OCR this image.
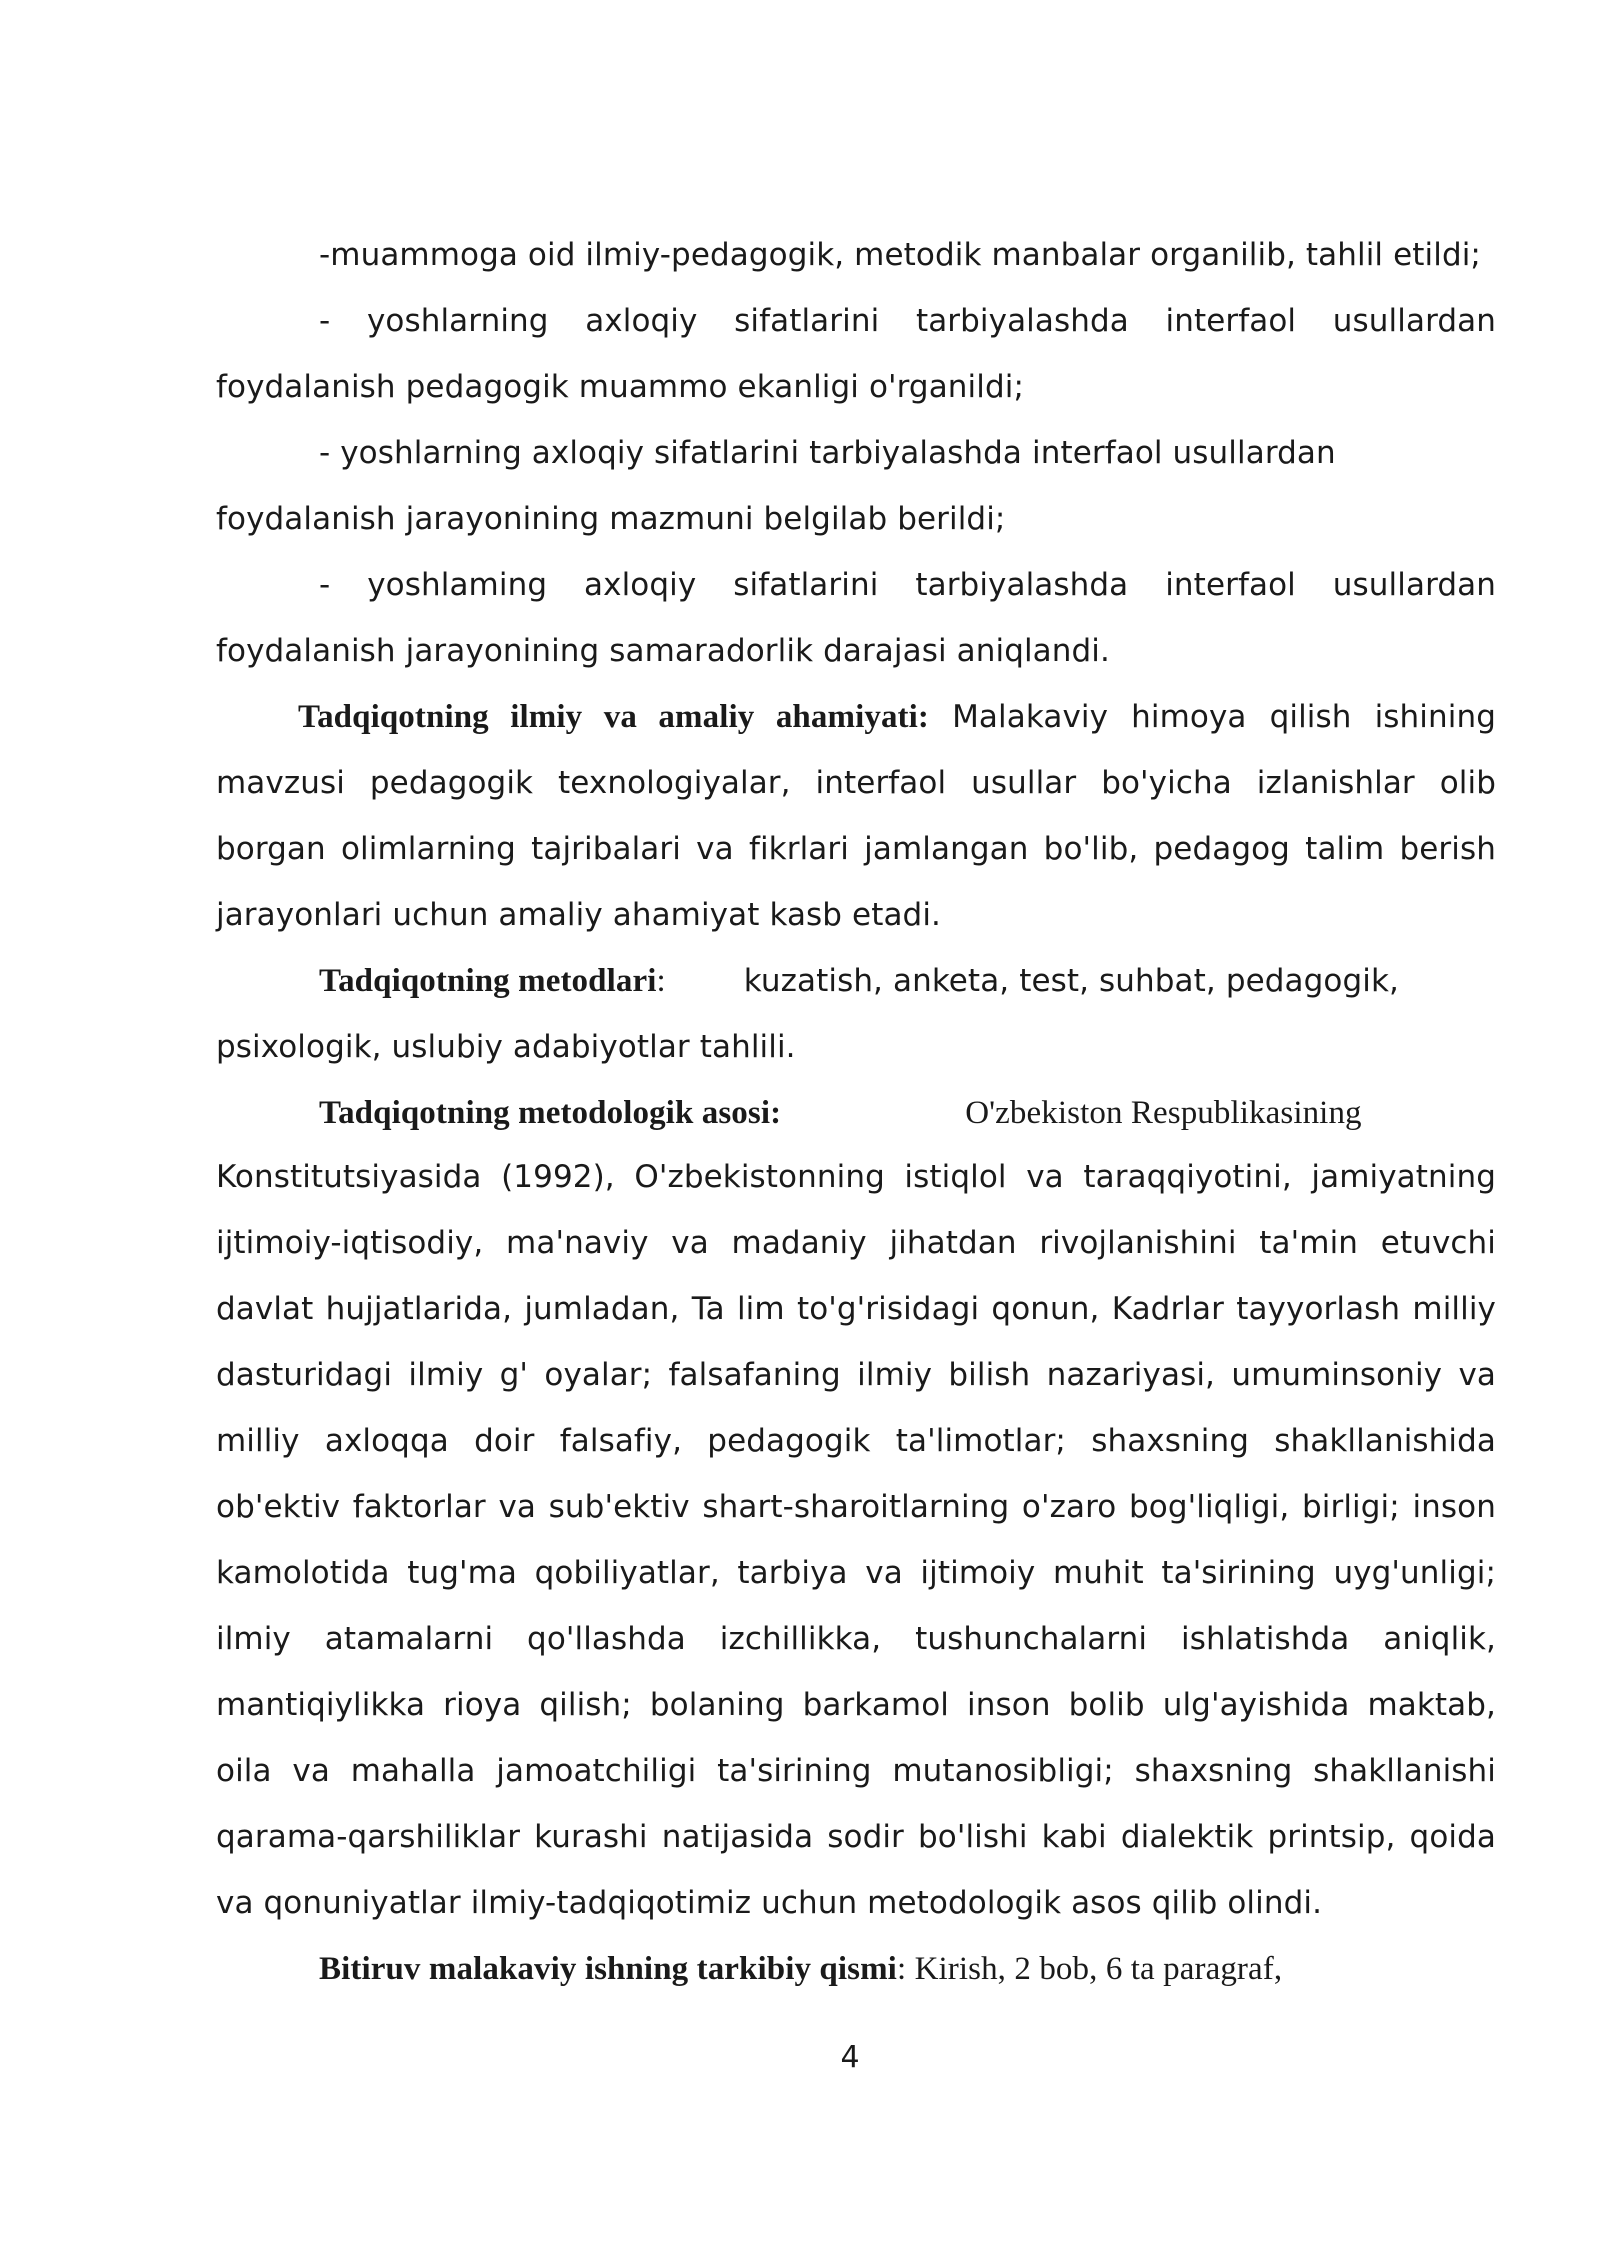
-muammoga oid ilmiy-pedagogik, metodik manbalar organilib, tahlil etildi;

- yoshlarning axloqiy sifatlarini tarbiyalashda interfaol usullardan foydalanish pedagogik muammo ekanligi o'rganildi;

- yoshlarning axloqiy sifatlarini tarbiyalashda interfaol usullardan
foydalanish jarayonining mazmuni belgilab berildi;

- yoshlaming axloqiy sifatlarini tarbiyalashda interfaol usullardan foydalanish jarayonining samaradorlik darajasi aniqlandi.

Tadqiqotning ilmiy va amaliy ahamiyati: Malakaviy himoya qilish ishining mavzusi pedagogik texnologiyalar, interfaol usullar bo'yicha izlanishlar olib borgan olimlarning tajribalari va fikrlari jamlangan bo'lib, pedagog talim berish jarayonlari uchun amaliy ahamiyat kasb etadi.

Tadqiqotning metodlari:	kuzatish, anketa, test, suhbat, pedagogik,
psixologik, uslubiy adabiyotlar tahlili.

Tadqiqotning metodologik asosi:	O'zbekiston Respublikasining

Konstitutsiyasida (1992), O'zbekistonning istiqlol va taraqqiyotini, jamiyatning ijtimoiy-iqtisodiy, ma'naviy va madaniy jihatdan rivojlanishini ta'min etuvchi davlat hujjatlarida, jumladan, Ta lim to'g'risidagi qonun, Kadrlar tayyorlash milliy dasturidagi ilmiy g' oyalar; falsafaning ilmiy bilish nazariyasi, umuminsoniy va milliy axloqqa doir falsafiy, pedagogik ta'limotlar; shaxsning shakllanishida ob'ektiv faktorlar va sub'ektiv shart-sharoitlarning o'zaro bog'liqligi, birligi; inson kamolotida tug'ma qobiliyatlar, tarbiya va ijtimoiy muhit ta'sirining uyg'unligi; ilmiy atamalarni qo'llashda izchillikka, tushunchalarni ishlatishda aniqlik, mantiqiylikka rioya qilish; bolaning barkamol inson bolib ulg'ayishida maktab, oila va mahalla jamoatchiligi ta'sirining mutanosibligi; shaxsning shakllanishi qarama-qarshiliklar kurashi natijasida sodir bo'lishi kabi dialektik printsip, qoida va qonuniyatlar ilmiy-tadqiqotimiz uchun metodologik asos qilib olindi.

Bitiruv malakaviy ishning tarkibiy qismi: Kirish, 2 bob, 6 ta paragraf,

4
